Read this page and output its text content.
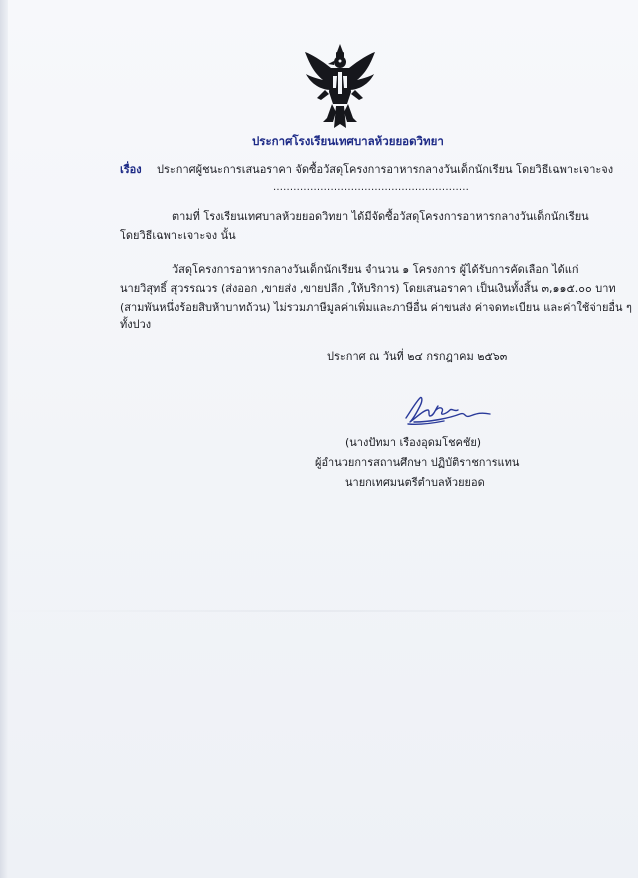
ประกาศโรงเรียนเทศบาลห้วยยอดวิทยา
เรื่อง ประกาศผู้ชนะการเสนอราคา จัดซื้อวัสดุโครงการอาหารกลางวันเด็กนักเรียน โดยวิธีเฉพาะเจาะจง
..........................................................
ตามที่ โรงเรียนเทศบาลห้วยยอดวิทยา ได้มีจัดซื้อวัสดุโครงการอาหารกลางวันเด็กนักเรียน
โดยวิธีเฉพาะเจาะจง นั้น
วัสดุโครงการอาหารกลางวันเด็กนักเรียน จำนวน ๑ โครงการ ผู้ได้รับการคัดเลือก ได้แก่
นายวิสุทธิ์ สุวรรณวร (ส่งออก ,ขายส่ง ,ขายปลีก ,ให้บริการ) โดยเสนอราคา เป็นเงินทั้งสิ้น ๓,๑๑๕.๐๐ บาท
(สามพันหนึ่งร้อยสิบห้าบาทถ้วน) ไม่รวมภาษีมูลค่าเพิ่มและภาษีอื่น ค่าขนส่ง ค่าจดทะเบียน และค่าใช้จ่ายอื่น ๆ
ทั้งปวง
ประกาศ ณ วันที่ ๒๔ กรกฎาคม ๒๕๖๓
(นางปัทมา เรืองอุดมโชคชัย)
ผู้อำนวยการสถานศึกษา ปฏิบัติราชการแทน
นายกเทศมนตรีตำบลห้วยยอด
